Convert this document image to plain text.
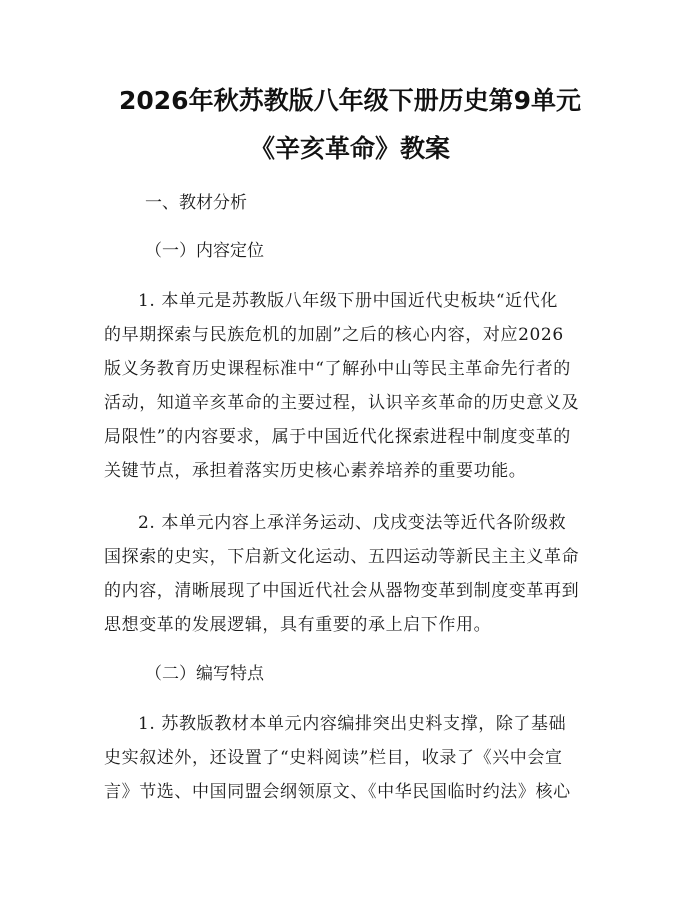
2026年秋苏教版八年级下册历史第9单元
《辛亥革命》教案
一、教材分析
（一）内容定位
1. 本单元是苏教版八年级下册中国近代史板块“近代化
的早期探索与民族危机的加剧”之后的核心内容，对应2026
版义务教育历史课程标准中“了解孙中山等民主革命先行者的
活动，知道辛亥革命的主要过程，认识辛亥革命的历史意义及
局限性”的内容要求，属于中国近代化探索进程中制度变革的
关键节点，承担着落实历史核心素养培养的重要功能。
2. 本单元内容上承洋务运动、戊戌变法等近代各阶级救
国探索的史实，下启新文化运动、五四运动等新民主主义革命
的内容，清晰展现了中国近代社会从器物变革到制度变革再到
思想变革的发展逻辑，具有重要的承上启下作用。
（二）编写特点
1. 苏教版教材本单元内容编排突出史料支撑，除了基础
史实叙述外，还设置了“史料阅读”栏目，收录了《兴中会宣
言》节选、中国同盟会纲领原文、《中华民国临时约法》核心
